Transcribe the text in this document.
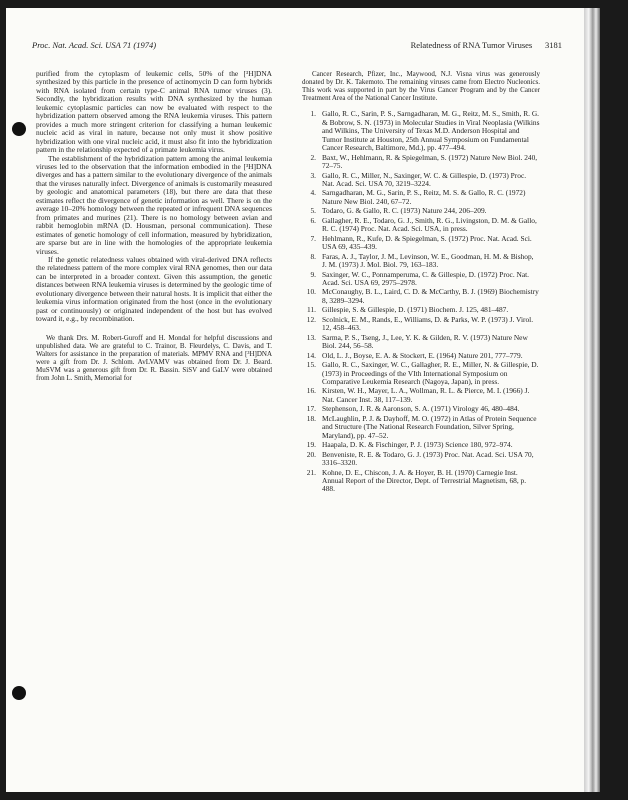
Proc. Nat. Acad. Sci. USA 71 (1974)	Relatedness of RNA Tumor Viruses 3181

purified from the cytoplasm of leukemic cells, 50% of the [³H]DNA synthesized by this particle in the presence of actinomycin D can form hybrids with RNA isolated from certain type-C animal RNA tumor viruses (3). Secondly, the hybridization results with DNA synthesized by the human leukemic cytoplasmic particles can now be evaluated with respect to the hybridization pattern observed among the RNA leukemia viruses. This pattern provides a much more stringent criterion for classifying a human leukemic nucleic acid as viral in nature, because not only must it show positive hybridization with one viral nucleic acid, it must also fit into the hybridization pattern in the relationship expected of a primate leukemia virus.

The establishment of the hybridization pattern among the animal leukemia viruses led to the observation that the information embodied in the [³H]DNA diverges and has a pattern similar to the evolutionary divergence of the animals that the viruses naturally infect. Divergence of animals is customarily measured by geologic and anatomical parameters (18), but there are data that these estimates reflect the divergence of genetic information as well. There is on the average 10–20% homology between the repeated or infrequent DNA sequences from primates and murines (21). There is no homology between avian and rabbit hemoglobin mRNA (D. Housman, personal communication). These estimates of genetic homology of cell information, measured by hybridization, are sparse but are in line with the homologies of the appropriate leukemia viruses.

If the genetic relatedness values obtained with viral-derived DNA reflects the relatedness pattern of the more complex viral RNA genomes, then our data can be interpreted in a broader context. Given this assumption, the genetic distances between RNA leukemia viruses is determined by the geologic time of evolutionary divergence between their natural hosts. It is implicit that either the leukemia virus information originated from the host (once in the evolutionary past or continuously) or originated independent of the host but has evolved toward it, e.g., by recombination.

We thank Drs. M. Robert-Guroff and H. Mondal for helpful discussions and unpublished data. We are grateful to C. Trainor, B. Fleurdelys, C. Davis, and T. Walters for assistance in the preparation of materials. MPMV RNA and [³H]DNA were a gift from Dr. J. Schlom. AvLVAMV was obtained from Dr. J. Beard. MuSVM was a generous gift from Dr. R. Bassin. SiSV and GaLV were obtained from John L. Smith, Memorial for

Cancer Research, Pfizer, Inc., Maywood, N.J. Visna virus was generously donated by Dr. K. Takemoto. The remaining viruses came from Electro Nucleonics. This work was supported in part by the Virus Cancer Program and by the Cancer Treatment Area of the National Cancer Institute.

1. Gallo, R. C., Sarin, P. S., Sarngadharan, M. G., Reitz, M. S., Smith, R. G. & Bobrow, S. N. (1973) in Molecular Studies in Viral Neoplasia (Wilkins and Wilkins, The University of Texas M.D. Anderson Hospital and Tumor Institute at Houston, 25th Annual Symposium on Fundamental Cancer Research, Baltimore, Md.), pp. 477–494.
2. Baxt, W., Hehlmann, R. & Spiegelman, S. (1972) Nature New Biol. 240, 72–75.
3. Gallo, R. C., Miller, N., Saxinger, W. C. & Gillespie, D. (1973) Proc. Nat. Acad. Sci. USA 70, 3219–3224.
4. Sarngadharan, M. G., Sarin, P. S., Reitz, M. S. & Gallo, R. C. (1972) Nature New Biol. 240, 67–72.
5. Todaro, G. & Gallo, R. C. (1973) Nature 244, 206–209.
6. Gallagher, R. E., Todaro, G. J., Smith, R. G., Livingston, D. M. & Gallo, R. C. (1974) Proc. Nat. Acad. Sci. USA, in press.
7. Hehlmann, R., Kufe, D. & Spiegelman, S. (1972) Proc. Nat. Acad. Sci. USA 69, 435–439.
8. Faras, A. J., Taylor, J. M., Levinson, W. E., Goodman, H. M. & Bishop, J. M. (1973) J. Mol. Biol. 79, 163–183.
9. Saxinger, W. C., Ponnamperuma, C. & Gillespie, D. (1972) Proc. Nat. Acad. Sci. USA 69, 2975–2978.
10. McConaughy, B. L., Laird, C. D. & McCarthy, B. J. (1969) Biochemistry 8, 3289–3294.
11. Gillespie, S. & Gillespie, D. (1971) Biochem. J. 125, 481–487.
12. Scolnick, E. M., Rands, E., Williams, D. & Parks, W. P. (1973) J. Virol. 12, 458–463.
13. Sarma, P. S., Tseng, J., Lee, Y. K. & Gilden, R. V. (1973) Nature New Biol. 244, 56–58.
14. Old, L. J., Boyse, E. A. & Stockert, E. (1964) Nature 201, 777–779.
15. Gallo, R. C., Saxinger, W. C., Gallagher, R. E., Miller, N. & Gillespie, D. (1973) in Proceedings of the VIth International Symposium on Comparative Leukemia Research (Nagoya, Japan), in press.
16. Kirsten, W. H., Mayer, L. A., Wollman, R. L. & Pierce, M. I. (1966) J. Nat. Cancer Inst. 38, 117–139.
17. Stephenson, J. R. & Aaronson, S. A. (1971) Virology 46, 480–484.
18. McLaughlin, P. J. & Dayhoff, M. O. (1972) in Atlas of Protein Sequence and Structure (The National Research Foundation, Silver Spring, Maryland), pp. 47–52.
19. Haapala, D. K. & Fischinger, P. J. (1973) Science 180, 972–974.
20. Benveniste, R. E. & Todaro, G. J. (1973) Proc. Nat. Acad. Sci. USA 70, 3316–3320.
21. Kohne, D. E., Chiscon, J. A. & Hoyer, B. H. (1970) Carnegie Inst. Annual Report of the Director, Dept. of Terrestrial Magnetism, 68, p. 488.
